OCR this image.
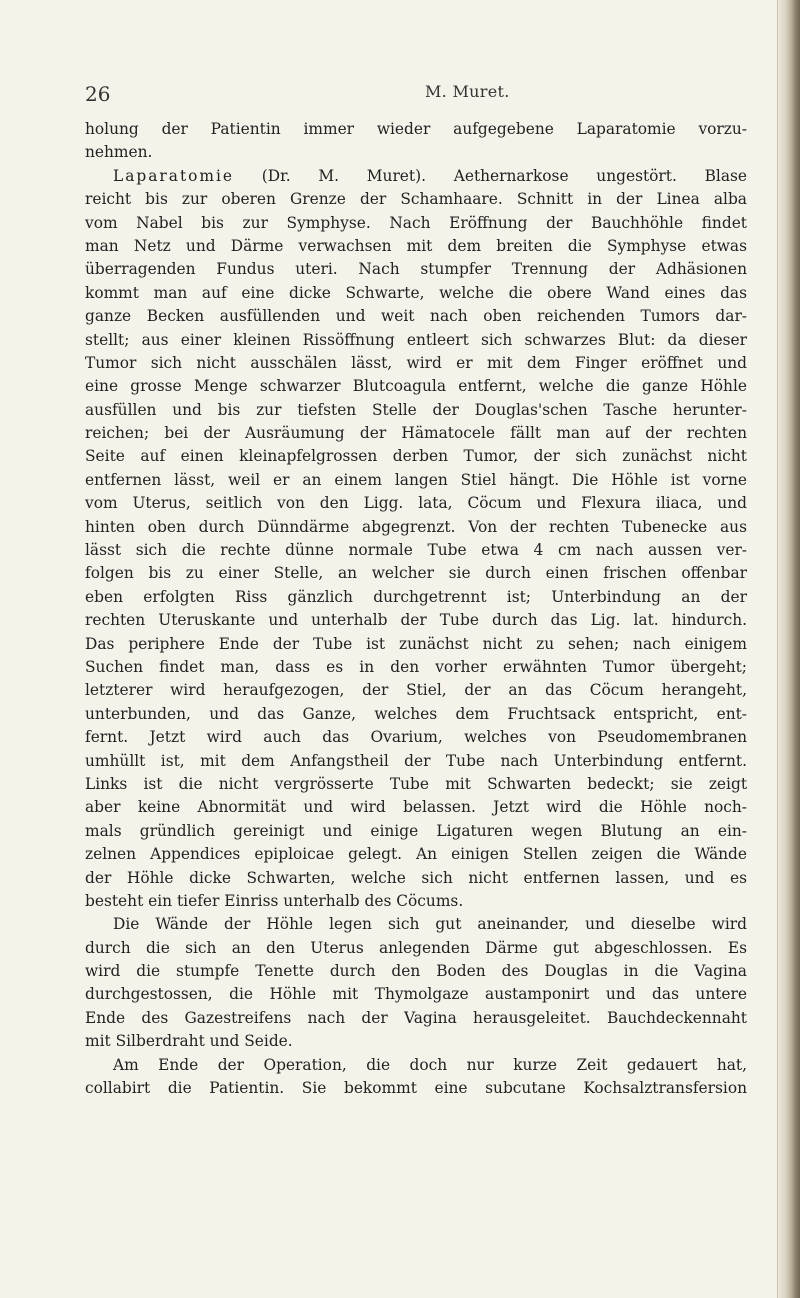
26	M. Muret.
holung der Patientin immer wieder aufgegebene Laparatomie vorzu-
nehmen.
Laparatomie (Dr. M. Muret). Aethernarkose ungestört. Blase
reicht bis zur oberen Grenze der Schamhaare. Schnitt in der Linea alba
vom Nabel bis zur Symphyse. Nach Eröffnung der Bauchhöhle findet
man Netz und Därme verwachsen mit dem breiten die Symphyse etwas
überragenden Fundus uteri. Nach stumpfer Trennung der Adhäsionen
kommt man auf eine dicke Schwarte, welche die obere Wand eines das
ganze Becken ausfüllenden und weit nach oben reichenden Tumors dar-
stellt; aus einer kleinen Rissöffnung entleert sich schwarzes Blut: da dieser
Tumor sich nicht ausschälen lässt, wird er mit dem Finger eröffnet und
eine grosse Menge schwarzer Blutcoagula entfernt, welche die ganze Höhle
ausfüllen und bis zur tiefsten Stelle der Douglas'schen Tasche herunter-
reichen; bei der Ausräumung der Hämatocele fällt man auf der rechten
Seite auf einen kleinapfelgrossen derben Tumor, der sich zunächst nicht
entfernen lässt, weil er an einem langen Stiel hängt. Die Höhle ist vorne
vom Uterus, seitlich von den Ligg. lata, Cöcum und Flexura iliaca, und
hinten oben durch Dünndärme abgegrenzt. Von der rechten Tubenecke aus
lässt sich die rechte dünne normale Tube etwa 4 cm nach aussen ver-
folgen bis zu einer Stelle, an welcher sie durch einen frischen offenbar
eben erfolgten Riss gänzlich durchgetrennt ist; Unterbindung an der
rechten Uteruskante und unterhalb der Tube durch das Lig. lat. hindurch.
Das periphere Ende der Tube ist zunächst nicht zu sehen; nach einigem
Suchen findet man, dass es in den vorher erwähnten Tumor übergeht;
letzterer wird heraufgezogen, der Stiel, der an das Cöcum herangeht,
unterbunden, und das Ganze, welches dem Fruchtsack entspricht, ent-
fernt. Jetzt wird auch das Ovarium, welches von Pseudomembranen
umhüllt ist, mit dem Anfangstheil der Tube nach Unterbindung entfernt.
Links ist die nicht vergrösserte Tube mit Schwarten bedeckt; sie zeigt
aber keine Abnormität und wird belassen. Jetzt wird die Höhle noch-
mals gründlich gereinigt und einige Ligaturen wegen Blutung an ein-
zelnen Appendices epiploicae gelegt. An einigen Stellen zeigen die Wände
der Höhle dicke Schwarten, welche sich nicht entfernen lassen, und es
besteht ein tiefer Einriss unterhalb des Cöcums.
Die Wände der Höhle legen sich gut aneinander, und dieselbe wird
durch die sich an den Uterus anlegenden Därme gut abgeschlossen. Es
wird die stumpfe Tenette durch den Boden des Douglas in die Vagina
durchgestossen, die Höhle mit Thymolgaze austamponirt und das untere
Ende des Gazestreifens nach der Vagina herausgeleitet. Bauchdeckennaht
mit Silberdraht und Seide.
Am Ende der Operation, die doch nur kurze Zeit gedauert hat,
collabirt die Patientin. Sie bekommt eine subcutane Kochsalztransfersion
